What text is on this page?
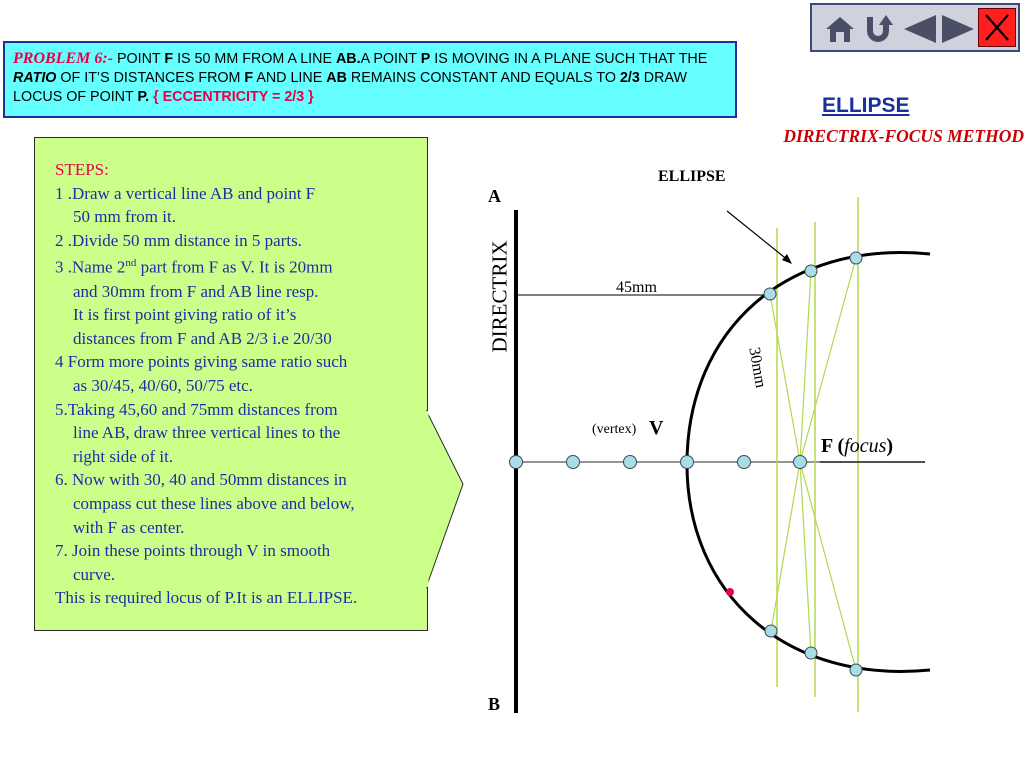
PROBLEM 6:- POINT F IS 50 MM FROM A LINE AB.A POINT P IS MOVING IN A PLANE SUCH THAT THE RATIO OF IT’S DISTANCES FROM F AND LINE AB REMAINS CONSTANT AND EQUALS TO 2/3 DRAW LOCUS OF POINT P. { ECCENTRICITY = 2/3 }	ELLIPSE
DIRECTRIX-FOCUS METHOD
STEPS:
1 .Draw a vertical line AB and point F
50 mm from it.
2 .Divide 50 mm distance in 5 parts.
3 .Name 2nd part from F as V. It is 20mm
and 30mm from F and AB line resp.
It is first point giving ratio of it’s
distances from F and AB 2/3 i.e 20/30
4 Form more points giving same ratio such
as 30/45, 40/60, 50/75 etc.
5.Taking 45,60 and 75mm distances from
line AB, draw three vertical lines to the
right side of it.
6. Now with 30, 40 and 50mm distances in
compass cut these lines above and below,
with F as center.
7. Join these points through V in smooth
curve.
This is required locus of P.It is an ELLIPSE.
A
B
DIRECTRIX
ELLIPSE
45mm
30mm
(vertex) V
F (focus)
